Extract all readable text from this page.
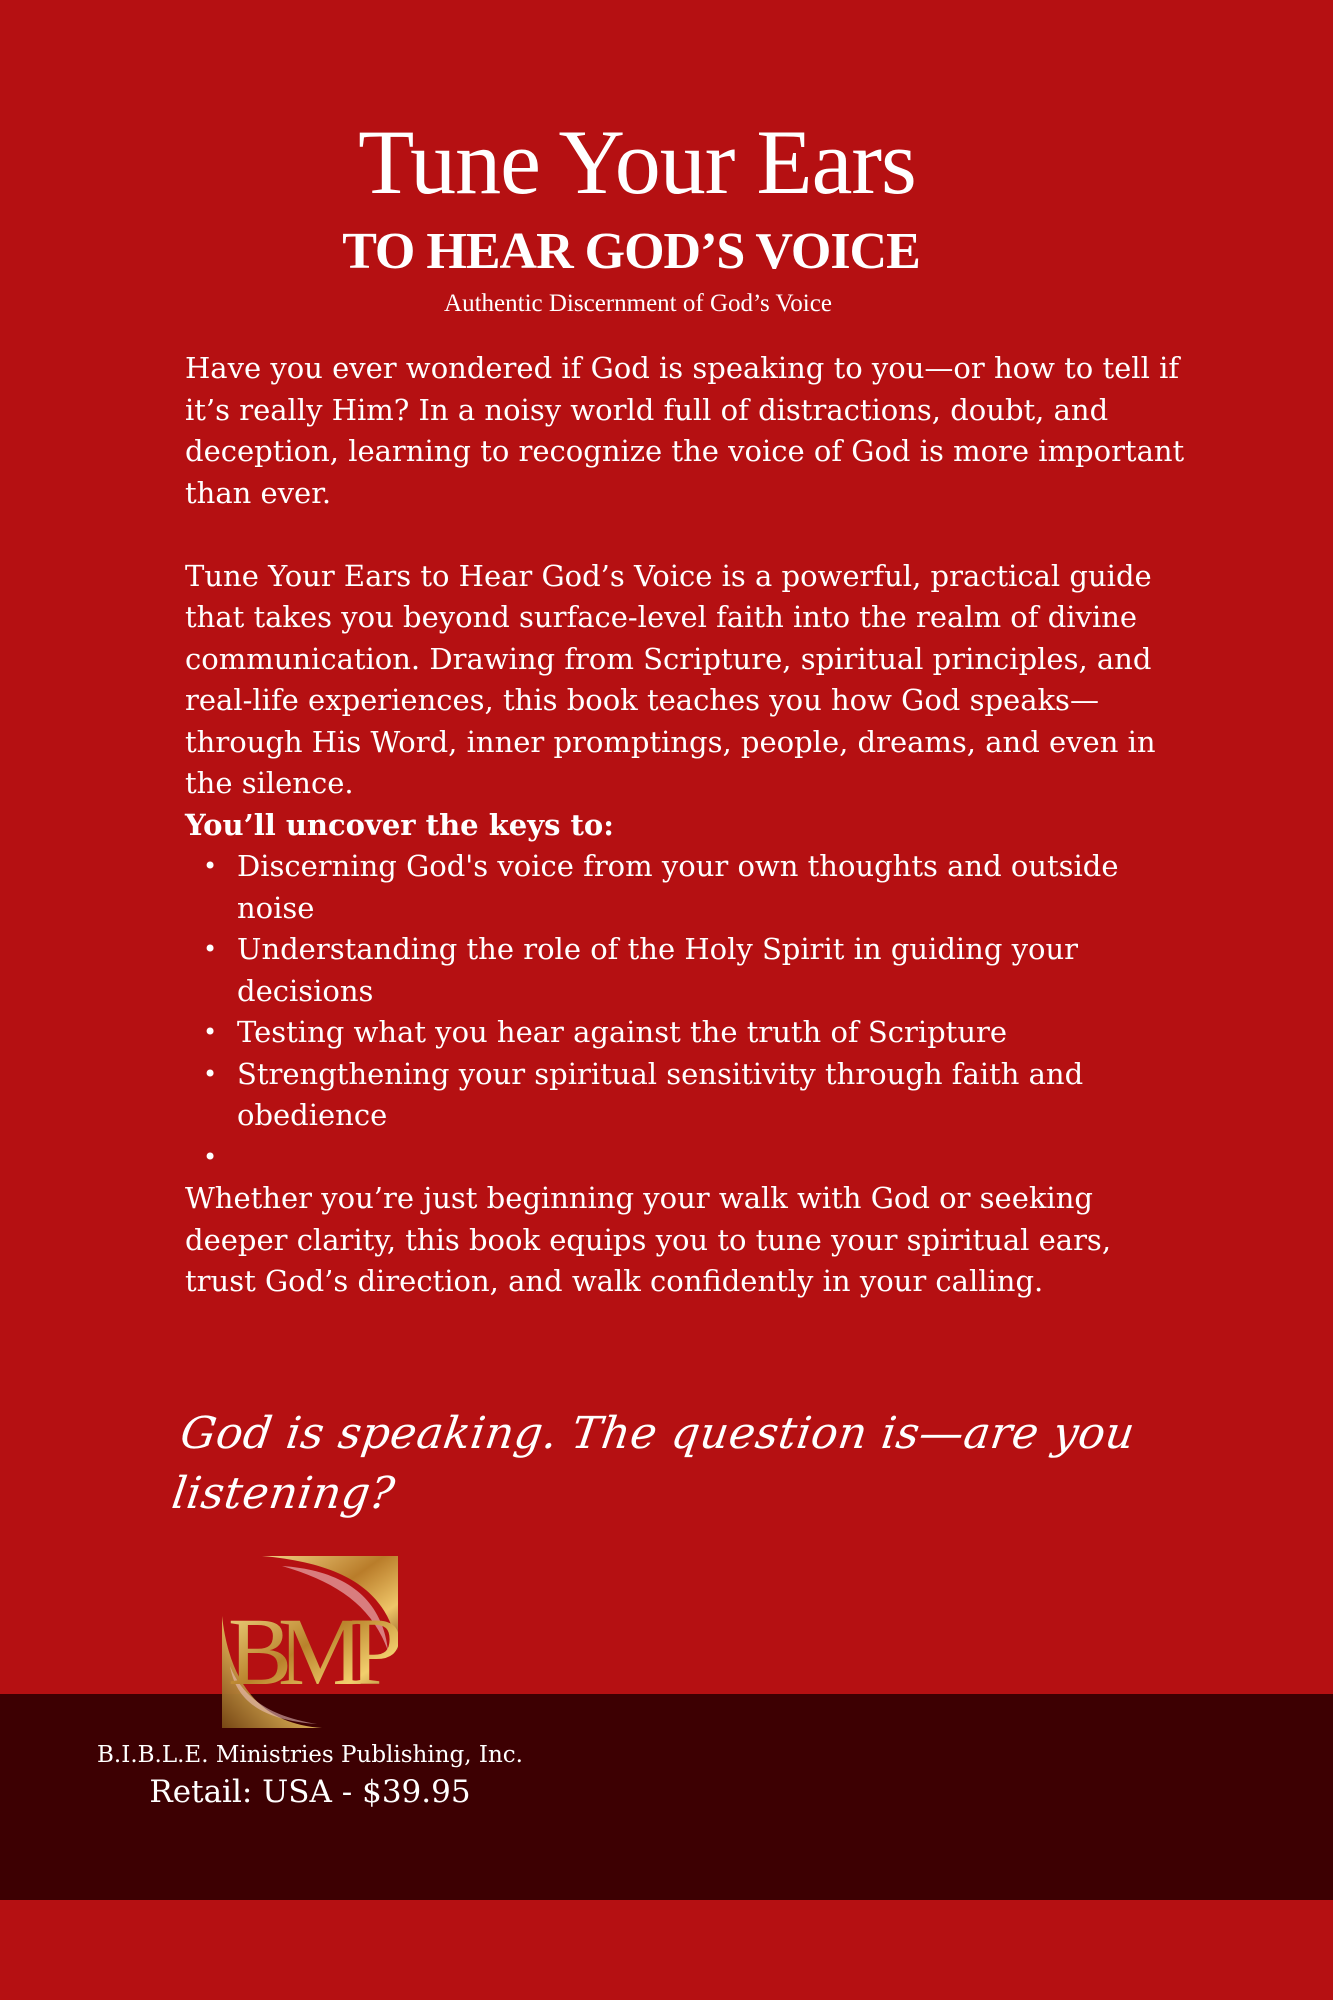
Tune Your Ears
TO HEAR GOD’S VOICE

Authentic Discernment of God’s Voice

Have you ever wondered if God is speaking to you—or how to tell if it’s really Him? In a noisy world full of distractions, doubt, and deception, learning to recognize the voice of God is more important than ever.

Tune Your Ears to Hear God’s Voice is a powerful, practical guide that takes you beyond surface-level faith into the realm of divine communication. Drawing from Scripture, spiritual principles, and real-life experiences, this book teaches you how God speaks—through His Word, inner promptings, people, dreams, and even in the silence.

You’ll uncover the keys to:

• Discerning God's voice from your own thoughts and outside noise
• Understanding the role of the Holy Spirit in guiding your decisions
• Testing what you hear against the truth of Scripture
• Strengthening your spiritual sensitivity through faith and obedience
•

Whether you’re just beginning your walk with God or seeking deeper clarity, this book equips you to tune your spiritual ears, trust God’s direction, and walk confidently in your calling.

God is speaking. The question is—are you listening?

BMP

B.I.B.L.E. Ministries Publishing, Inc.

Retail: USA - $39.95
